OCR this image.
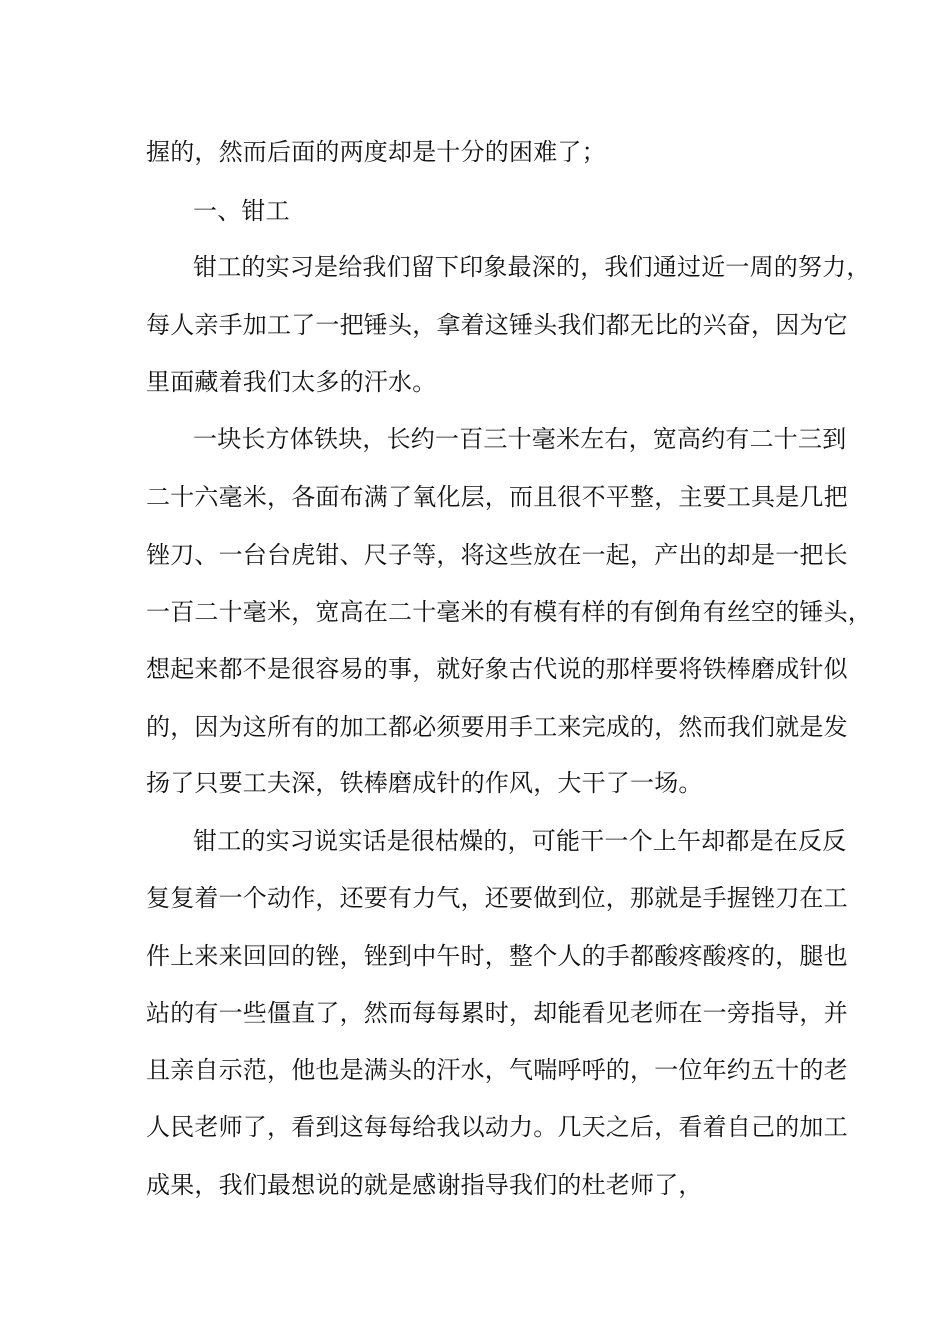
握的，然而后面的两度却是十分的困难了；
一、钳工
钳工的实习是给我们留下印象最深的，我们通过近一周的努力，
每人亲手加工了一把锤头，拿着这锤头我们都无比的兴奋，因为它
里面藏着我们太多的汗水。
一块长方体铁块，长约一百三十毫米左右，宽高约有二十三到
二十六毫米，各面布满了氧化层，而且很不平整，主要工具是几把
锉刀、一台台虎钳、尺子等，将这些放在一起，产出的却是一把长
一百二十毫米，宽高在二十毫米的有模有样的有倒角有丝空的锤头，
想起来都不是很容易的事，就好象古代说的那样要将铁棒磨成针似
的，因为这所有的加工都必须要用手工来完成的，然而我们就是发
扬了只要工夫深，铁棒磨成针的作风，大干了一场。
钳工的实习说实话是很枯燥的，可能干一个上午却都是在反反
复复着一个动作，还要有力气，还要做到位，那就是手握锉刀在工
件上来来回回的锉，锉到中午时，整个人的手都酸疼酸疼的，腿也
站的有一些僵直了，然而每每累时，却能看见老师在一旁指导，并
且亲自示范，他也是满头的汗水，气喘呼呼的，一位年约五十的老
人民老师了，看到这每每给我以动力。几天之后，看着自己的加工
成果，我们最想说的就是感谢指导我们的杜老师了，
